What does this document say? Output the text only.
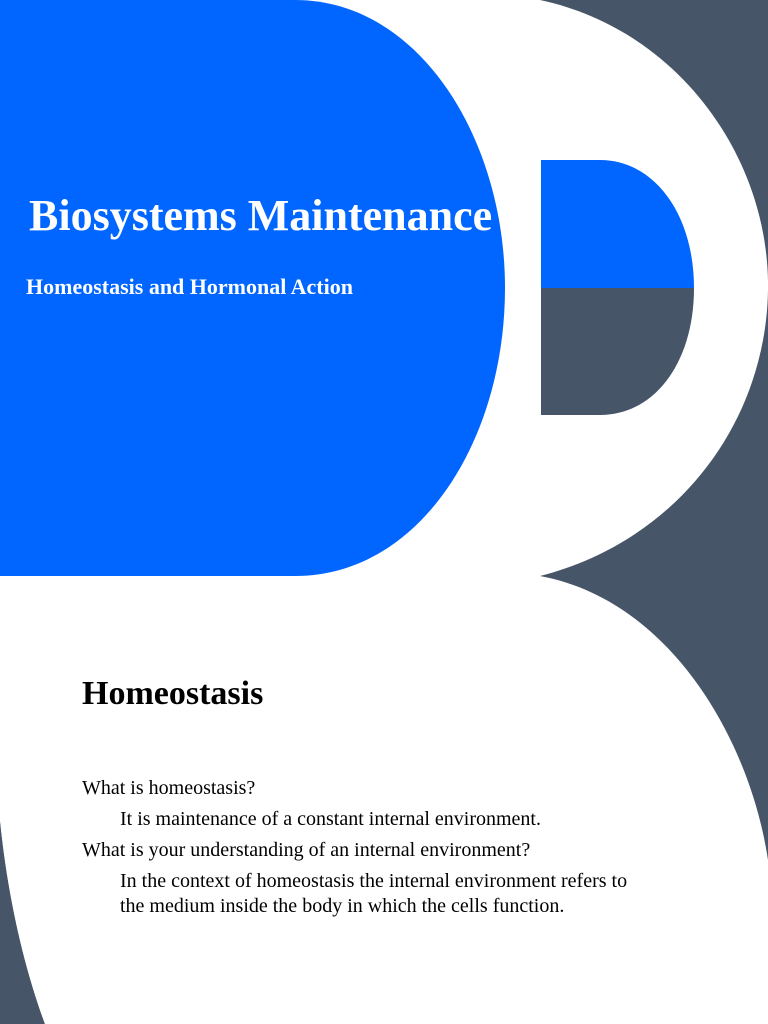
Biosystems Maintenance
Homeostasis and Hormonal Action
Homeostasis

What is homeostasis?

It is maintenance of a constant internal environment.

What is your understanding of an internal environment?

In the context of homeostasis the internal environment refers to the medium inside the body in which the cells function.
